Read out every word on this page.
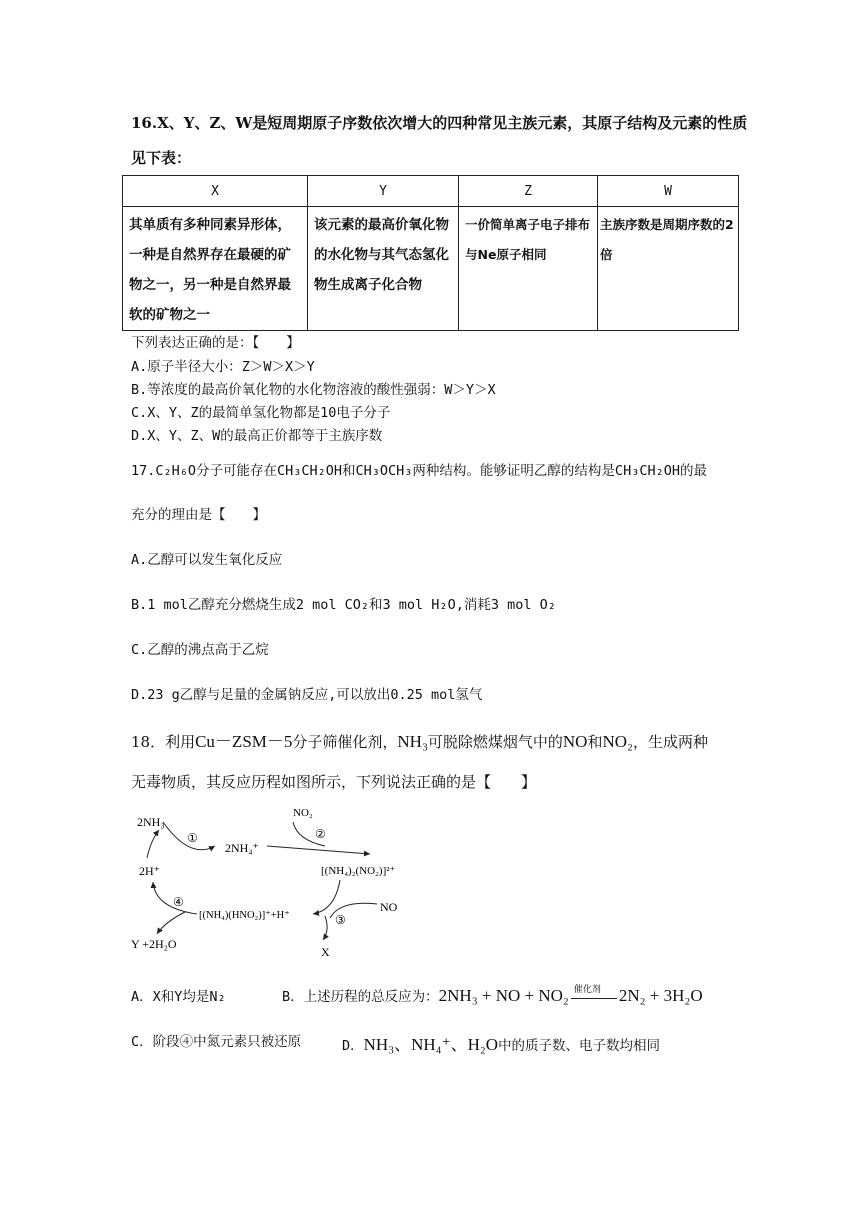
16.X、Y、Z、W是短周期原子序数依次增大的四种常见主族元素，其原子结构及元素的性质
见下表：
X	Y	Z	W
其单质有多种同素异形体，一种是自然界存在最硬的矿物之一，另一种是自然界最软的矿物之一	该元素的最高价氧化物的水化物与其气态氢化物生成离子化合物	一价简单离子电子排布与Ne原子相同	主族序数是周期序数的2倍
下列表达正确的是：【　　】
A.原子半径大小：Z＞W＞X＞Y
B.等浓度的最高价氧化物的水化物溶液的酸性强弱：W＞Y＞X
C.X、Y、Z的最简单氢化物都是10电子分子
D.X、Y、Z、W的最高正价都等于主族序数
17.C₂H₆O分子可能存在CH₃CH₂OH和CH₃OCH₃两种结构。能够证明乙醇的结构是CH₃CH₂OH的最
充分的理由是【　　】
A.乙醇可以发生氧化反应
B.1 mol乙醇充分燃烧生成2 mol CO₂和3 mol H₂O,消耗3 mol O₂
C.乙醇的沸点高于乙烷
D.23 g乙醇与足量的金属钠反应,可以放出0.25 mol氢气
18．利用Cu－ZSM－5分子筛催化剂，NH₃可脱除燃煤烟气中的NO和NO₂，生成两种
无毒物质，其反应历程如图所示，下列说法正确的是【　　】
2NH₃
①
2NH₄⁺
NO₂
②
[(NH₄)₂(NO₂)]²⁺
2H⁺
NO
③
X
[(NH₄)(HNO₂)]⁺+H⁺
④
Y +2H₂O
A．X和Y均是N₂	B．上述历程的总反应为：2NH₃ + NO + NO₂ 催化剂 2N₂ + 3H₂O
C．阶段④中氮元素只被还原	D．NH₃、NH₄⁺、H₂O中的质子数、电子数均相同
